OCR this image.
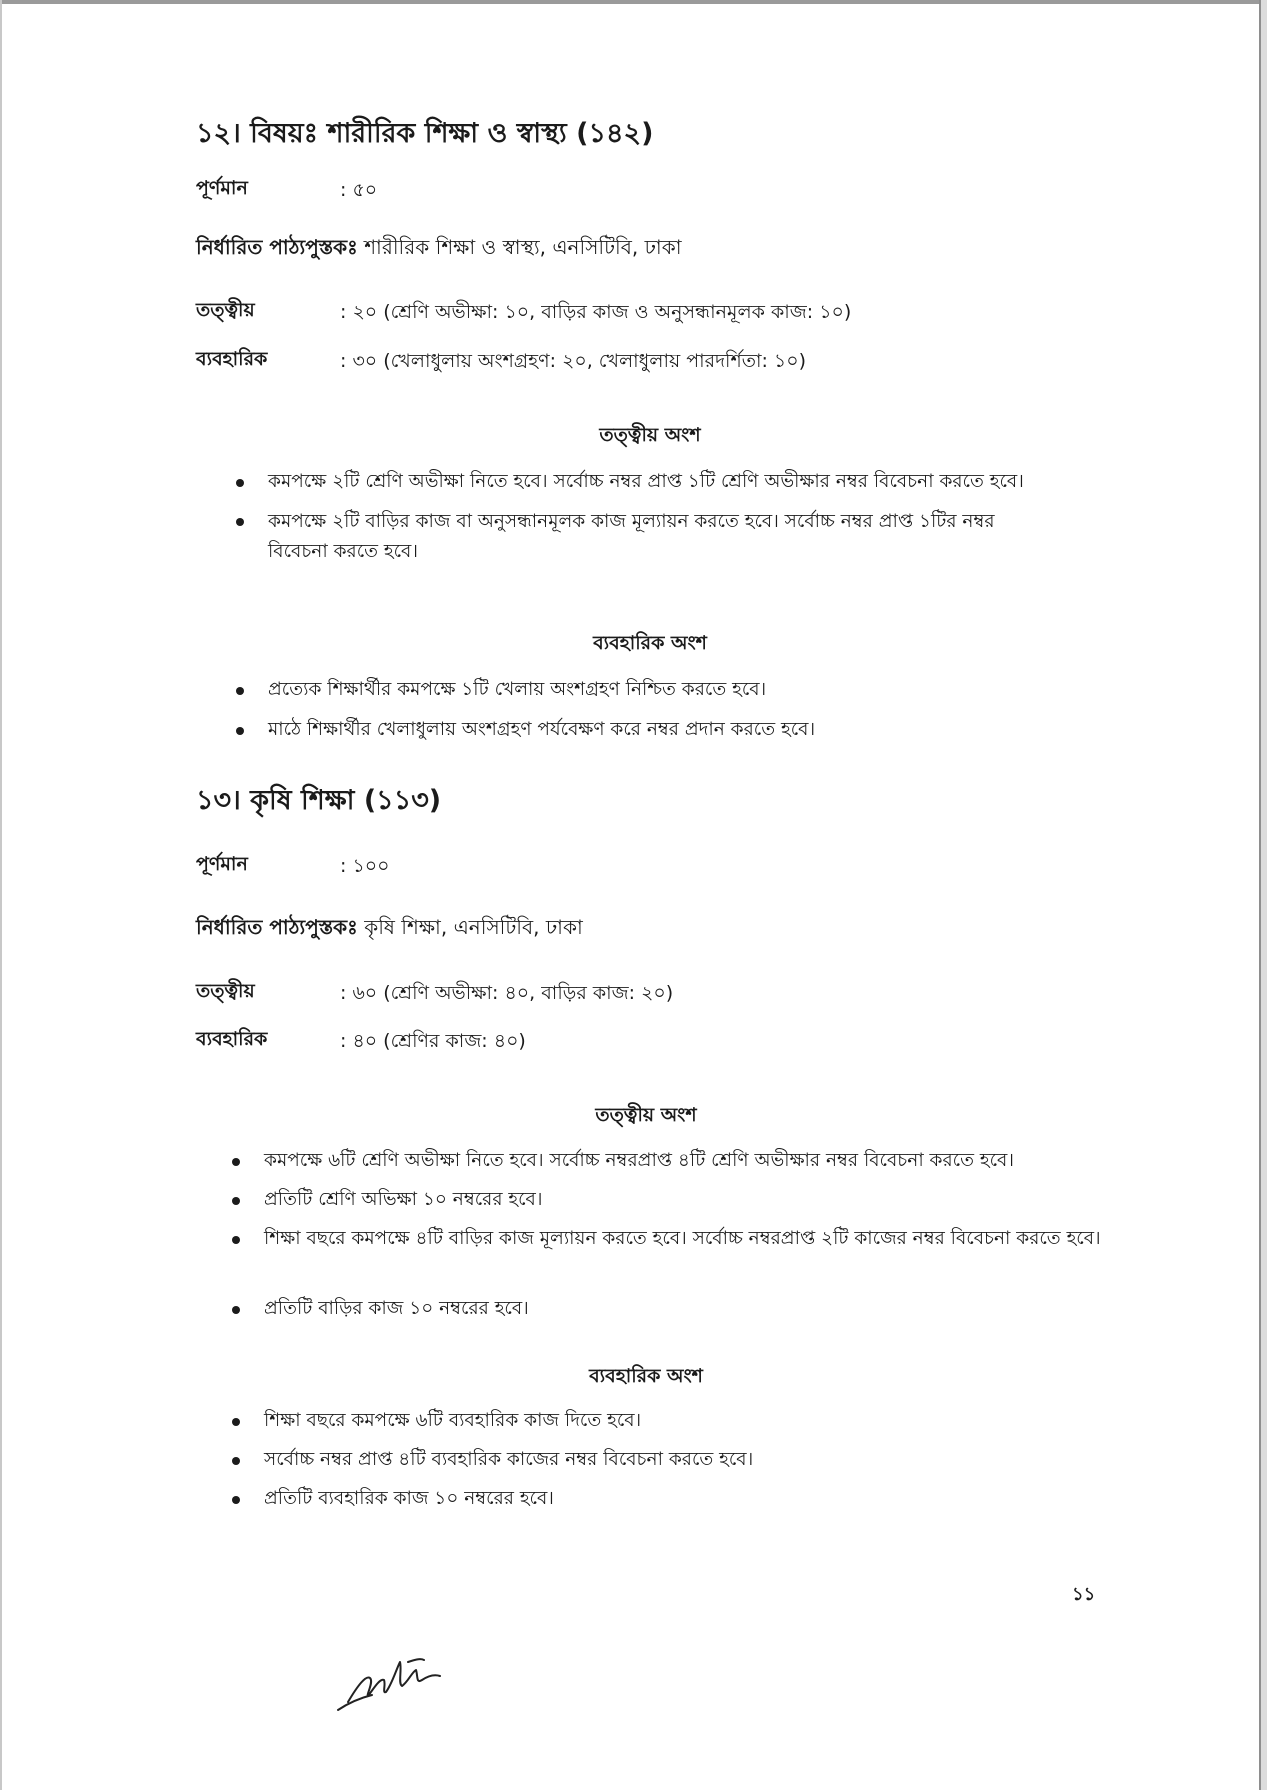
১২। বিষয়ঃ শারীরিক শিক্ষা ও স্বাস্থ্য (১৪২)
পূর্ণমান	: ৫০
নির্ধারিত পাঠ্যপুস্তকঃ শারীরিক শিক্ষা ও স্বাস্থ্য, এনসিটিবি, ঢাকা
তত্ত্বীয়	: ২০ (শ্রেণি অভীক্ষা: ১০, বাড়ির কাজ ও অনুসন্ধানমূলক কাজ: ১০)
ব্যবহারিক	: ৩০ (খেলাধুলায় অংশগ্রহণ: ২০, খেলাধুলায় পারদর্শিতা: ১০)
তত্ত্বীয় অংশ
কমপক্ষে ২টি শ্রেণি অভীক্ষা নিতে হবে। সর্বোচ্চ নম্বর প্রাপ্ত ১টি শ্রেণি অভীক্ষার নম্বর বিবেচনা করতে হবে।
কমপক্ষে ২টি বাড়ির কাজ বা অনুসন্ধানমূলক কাজ মূল্যায়ন করতে হবে। সর্বোচ্চ নম্বর প্রাপ্ত ১টির নম্বর বিবেচনা করতে হবে।
ব্যবহারিক অংশ
প্রত্যেক শিক্ষার্থীর কমপক্ষে ১টি খেলায় অংশগ্রহণ নিশ্চিত করতে হবে।
মাঠে শিক্ষার্থীর খেলাধুলায় অংশগ্রহণ পর্যবেক্ষণ করে নম্বর প্রদান করতে হবে।
১৩। কৃষি শিক্ষা (১১৩)
পূর্ণমান	: ১০০
নির্ধারিত পাঠ্যপুস্তকঃ কৃষি শিক্ষা, এনসিটিবি, ঢাকা
তত্ত্বীয়	: ৬০ (শ্রেণি অভীক্ষা: ৪০, বাড়ির কাজ: ২০)
ব্যবহারিক	: ৪০ (শ্রেণির কাজ: ৪০)
তত্ত্বীয় অংশ
কমপক্ষে ৬টি শ্রেণি অভীক্ষা নিতে হবে। সর্বোচ্চ নম্বরপ্রাপ্ত ৪টি শ্রেণি অভীক্ষার নম্বর বিবেচনা করতে হবে।
প্রতিটি শ্রেণি অভিক্ষা ১০ নম্বরের হবে।
শিক্ষা বছরে কমপক্ষে ৪টি বাড়ির কাজ মূল্যায়ন করতে হবে। সর্বোচ্চ নম্বরপ্রাপ্ত ২টি কাজের নম্বর বিবেচনা করতে হবে।
প্রতিটি বাড়ির কাজ ১০ নম্বরের হবে।
ব্যবহারিক অংশ
শিক্ষা বছরে কমপক্ষে ৬টি ব্যবহারিক কাজ দিতে হবে।
সর্বোচ্চ নম্বর প্রাপ্ত ৪টি ব্যবহারিক কাজের নম্বর বিবেচনা করতে হবে।
প্রতিটি ব্যবহারিক কাজ ১০ নম্বরের হবে।
১১
